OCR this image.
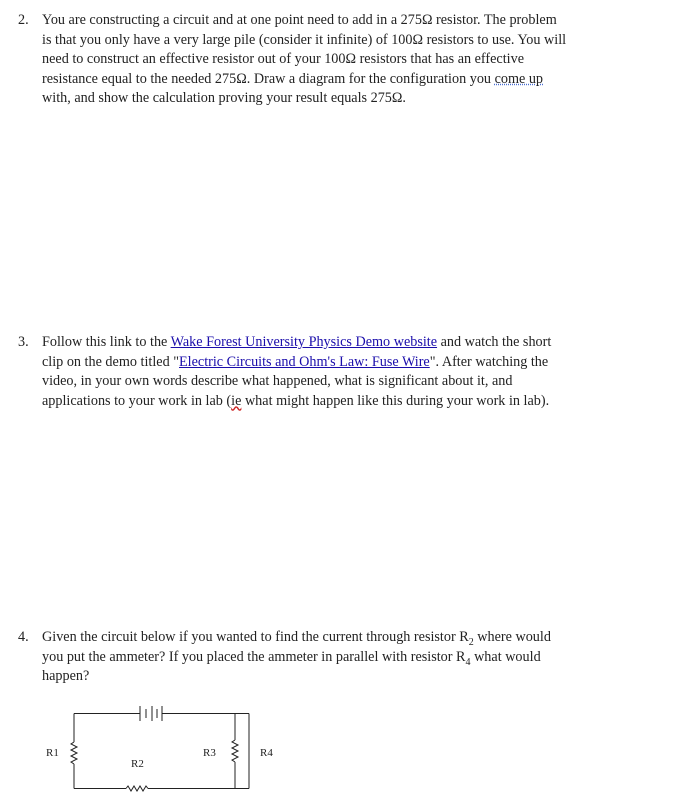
2. You are constructing a circuit and at one point need to add in a 275Ω resistor. The problem

is that you only have a very large pile (consider it infinite) of 100Ω resistors to use. You will

need to construct an effective resistor out of your 100Ω resistors that has an effective

resistance equal to the needed 275Ω. Draw a diagram for the configuration you come up

with, and show the calculation proving your result equals 275Ω.

3. Follow this link to the Wake Forest University Physics Demo website and watch the short

clip on the demo titled "Electric Circuits and Ohm's Law: Fuse Wire". After watching the

video, in your own words describe what happened, what is significant about it, and

applications to your work in lab (ie what might happen like this during your work in lab).

4. Given the circuit below if you wanted to find the current through resistor $R_2$ where would

you put the ammeter? If you placed the ammeter in parallel with resistor $R_4$ what would

happen?

R1
R2
R3	R4
